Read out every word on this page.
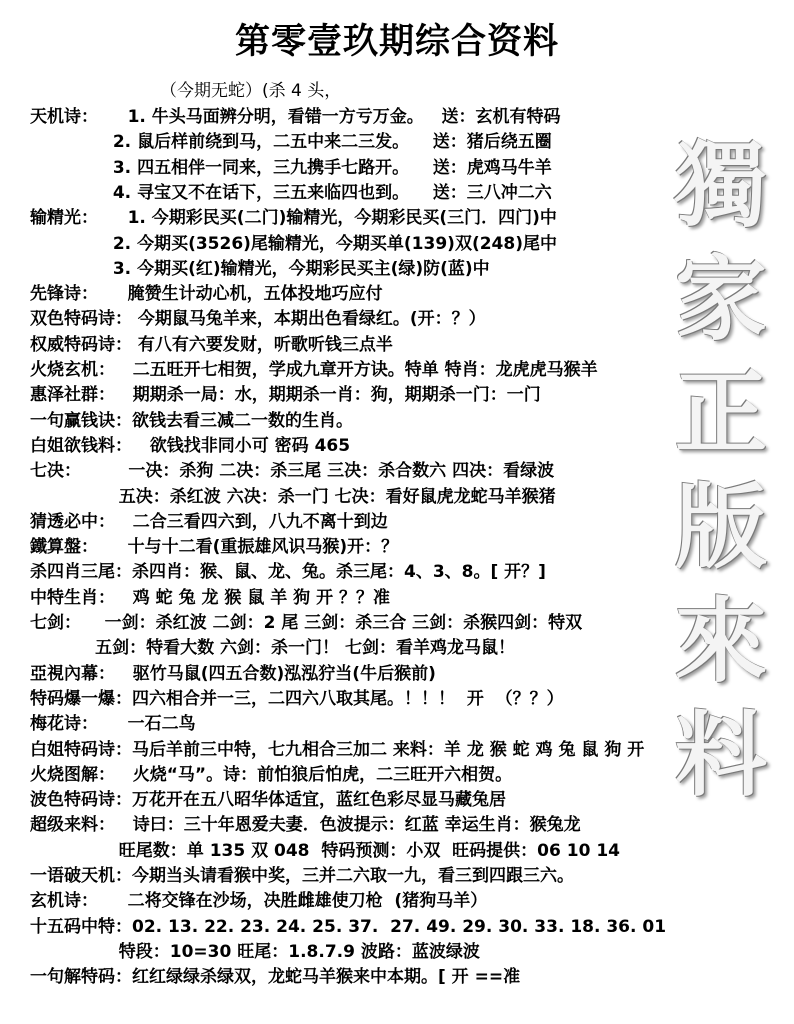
第零壹玖期综合资料
（今期无蛇）(杀 4 头，
天机诗：     1. 牛头马面辨分明，看错一方亏万金。   送：玄机有特码
2. 鼠后样前绕到马，二五中来二三发。    送：猪后绕五圈
3. 四五相伴一同来，三九携手七路开。    送：虎鸡马牛羊
4. 寻宝又不在话下，三五来临四也到。    送：三八冲二六
输精光：     1. 今期彩民买(二门)输精光，今期彩民买(三门．四门)中
2. 今期买(3526)尾输精光，今期买单(139)双(248)尾中
3. 今期买(红)输精光，今期彩民买主(绿)防(蓝)中
先锋诗：     腌赞生计动心机，五体投地巧应付
双色特码诗： 今期鼠马兔羊来，本期出色看绿红。(开：？）
权威特码诗： 有八有六要发财，听歌听钱三点半
火烧玄机：   二五旺开七相贺，学成九章开方诀。特单 特肖：龙虎虎马猴羊
惠泽社群：   期期杀一局：水，期期杀一肖：狗，期期杀一门：一门
一句赢钱诀：欲钱去看三减二一数的生肖。
白姐欲钱料：   欲钱找非同小可 密码 465
七决：        一决：杀狗 二决：杀三尾 三决：杀合数六 四决：看绿波
五决：杀红波 六决：杀一门 七决：看好鼠虎龙蛇马羊猴猪
猜透必中：   二合三看四六到，八九不离十到边
鐵算盤：     十与十二看(重振雄风识马猴)开：？
杀四肖三尾：杀四肖：猴、鼠、龙、兔。杀三尾：4、3、8。[ 开？]
中特生肖：   鸡 蛇 兔 龙 猴 鼠 羊 狗 开 ？？准
七剑：    一剑：杀红波 二剑：2 尾 三剑：杀三合 三剑：杀猴四剑：特双
五剑：特看大数 六剑：杀一门！ 七剑：看羊鸡龙马鼠！
亞視內幕：   驱竹马鼠(四五合数)泓泓狞当(牛后猴前)
特码爆一爆：四六相合并一三，二四六八取其尾。！！！  开  （？？）
梅花诗：     一石二鸟
白姐特码诗：马后羊前三中特，七九相合三加二 来料：羊 龙 猴 蛇 鸡 兔 鼠 狗 开
火烧图解：   火烧“马”。诗：前怕狼后怕虎，二三旺开六相贺。
波色特码诗：万花开在五八昭华体适宜，蓝红色彩尽显马藏兔居
超级来料：   诗曰：三十年恩爱夫妻．色波提示：红蓝 幸运生肖：猴兔龙
旺尾数：单 135 双 048  特码预测：小双  旺码提供：06 10 14
一语破天机：今期当头请看猴中奖，三并二六取一九，看三到四跟三六。
玄机诗：     二将交锋在沙场，决胜雌雄使刀枪  (猪狗马羊）
十五码中特：02. 13. 22. 23. 24. 25. 37.  27. 49. 29. 30. 33. 18. 36. 01
特段：10=30 旺尾：1.8.7.9 波路：蓝波绿波
一句解特码：红红绿绿杀绿双，龙蛇马羊猴来中本期。[ 开 ==准
獨
家
正
版
來
料
